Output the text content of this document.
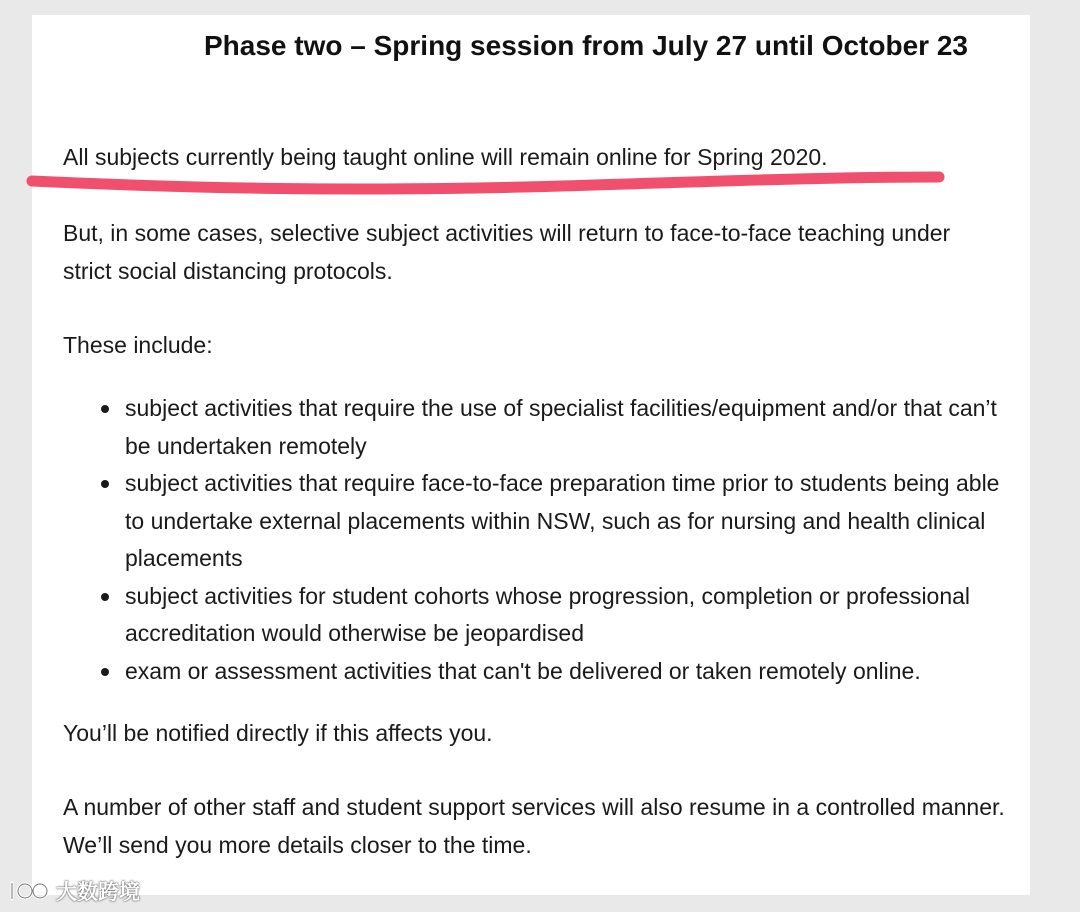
Phase two – Spring session from July 27 until October 23

All subjects currently being taught online will remain online for Spring 2020.

But, in some cases, selective subject activities will return to face-to-face teaching under strict social distancing protocols.

These include:

subject activities that require the use of specialist facilities/equipment and/or that can’t be undertaken remotely
subject activities that require face-to-face preparation time prior to students being able to undertake external placements within NSW, such as for nursing and health clinical placements
subject activities for student cohorts whose progression, completion or professional accreditation would otherwise be jeopardised
exam or assessment activities that can't be delivered or taken remotely online.

You’ll be notified directly if this affects you.

A number of other staff and student support services will also resume in a controlled manner. We’ll send you more details closer to the time.

大数跨境
